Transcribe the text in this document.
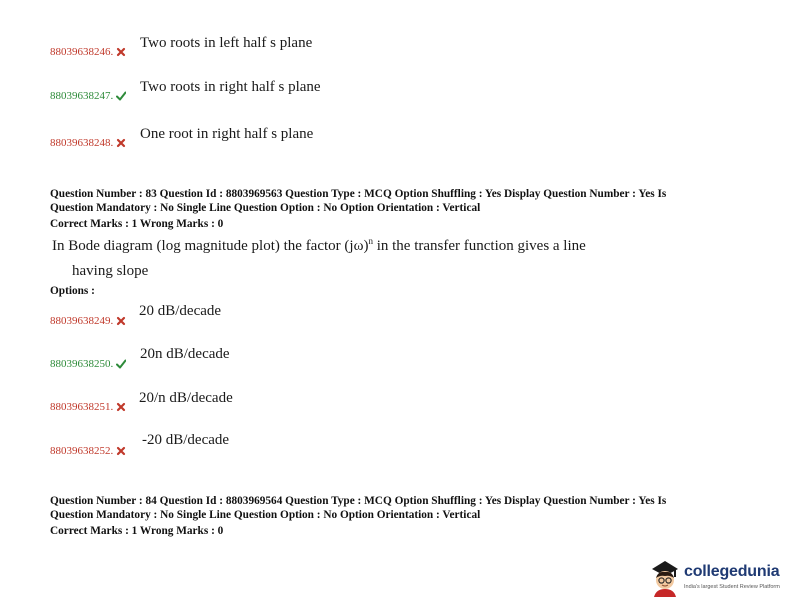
88039638246.
Two roots in left half s plane
88039638247.
Two roots in right half s plane
88039638248.
One root in right half s plane
Question Number : 83 Question Id : 8803969563 Question Type : MCQ Option Shuffling : Yes Display Question Number : Yes Is
Question Mandatory : No Single Line Question Option : No Option Orientation : Vertical
Correct Marks : 1 Wrong Marks : 0
In Bode diagram (log magnitude plot) the factor $(j\omega)^n$ in the transfer function gives a line
having slope
Options :
88039638249.
20 dB/decade
88039638250.
20n dB/decade
88039638251.
20/n dB/decade
88039638252.
-20 dB/decade
Question Number : 84 Question Id : 8803969564 Question Type : MCQ Option Shuffling : Yes Display Question Number : Yes Is
Question Mandatory : No Single Line Question Option : No Option Orientation : Vertical
Correct Marks : 1 Wrong Marks : 0
collegedunia
India's largest Student Review Platform
